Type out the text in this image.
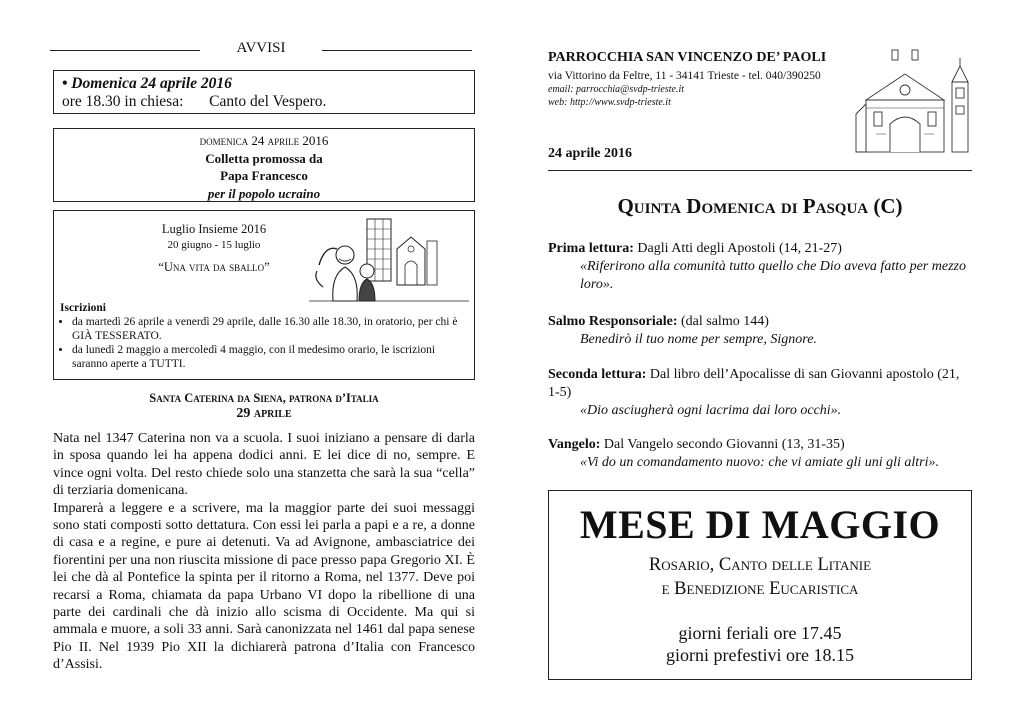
AVVISI
• Domenica 24 aprile 2016
ore 18.30 in chiesa: Canto del Vespero.
domenica 24 aprile 2016
Colletta promossa da
Papa Francesco
per il popolo ucraino
Luglio Insieme 2016
20 giugno - 15 luglio
“Una vita da sballo”
Iscrizioni
• da martedì 26 aprile a venerdì 29 aprile, dalle 16.30 alle 18.30, in oratorio, per chi è GIÀ TESSERATO.
• da lunedì 2 maggio a mercoledì 4 maggio, con il medesimo orario, le iscrizioni saranno aperte a TUTTI.
Santa Caterina da Siena, patrona d’Italia
29 aprile

Nata nel 1347 Caterina non va a scuola. I suoi iniziano a pensare di darla in sposa quando lei ha appena dodici anni. E lei dice di no, sempre. E vince ogni volta. Del resto chiede solo una stanzetta che sarà la sua “cella” di terziaria domenicana.

Imparerà a leggere e a scrivere, ma la maggior parte dei suoi messaggi sono stati composti sotto dettatura. Con essi lei parla a papi e a re, a donne di casa e a regine, e pure ai detenuti. Va ad Avignone, ambasciatrice dei fiorentini per una non riuscita missione di pace presso papa Gregorio XI. È lei che dà al Pontefice la spinta per il ritorno a Roma, nel 1377. Deve poi recarsi a Roma, chiamata da papa Urbano VI dopo la ribellione di una parte dei cardinali che dà inizio allo scisma di Occidente. Ma qui si ammala e muore, a soli 33 anni. Sarà canonizzata nel 1461 dal papa senese Pio II. Nel 1939 Pio XII la dichiarerà patrona d’Italia con Francesco d’Assisi.

PARROCCHIA SAN VINCENZO DE’ PAOLI
via Vittorino da Feltre, 11 - 34141 Trieste - tel. 040/390250
email: parrocchia@svdp-trieste.it
web: http://www.svdp-trieste.it
24 aprile 2016
Quinta Domenica di Pasqua (C)
Prima lettura: Dagli Atti degli Apostoli (14, 21-27)
«Riferirono alla comunità tutto quello che Dio aveva fatto per mezzo loro».
Salmo Responsoriale: (dal salmo 144)
Benedirò il tuo nome per sempre, Signore.
Seconda lettura: Dal libro dell’Apocalisse di san Giovanni apostolo (21, 1-5)
«Dio asciugherà ogni lacrima dai loro occhi».
Vangelo: Dal Vangelo secondo Giovanni (13, 31-35)
«Vi do un comandamento nuovo: che vi amiate gli uni gli altri».
MESE DI MAGGIO
Rosario, Canto delle Litanie
e Benedizione Eucaristica
giorni feriali ore 17.45
giorni prefestivi ore 18.15
